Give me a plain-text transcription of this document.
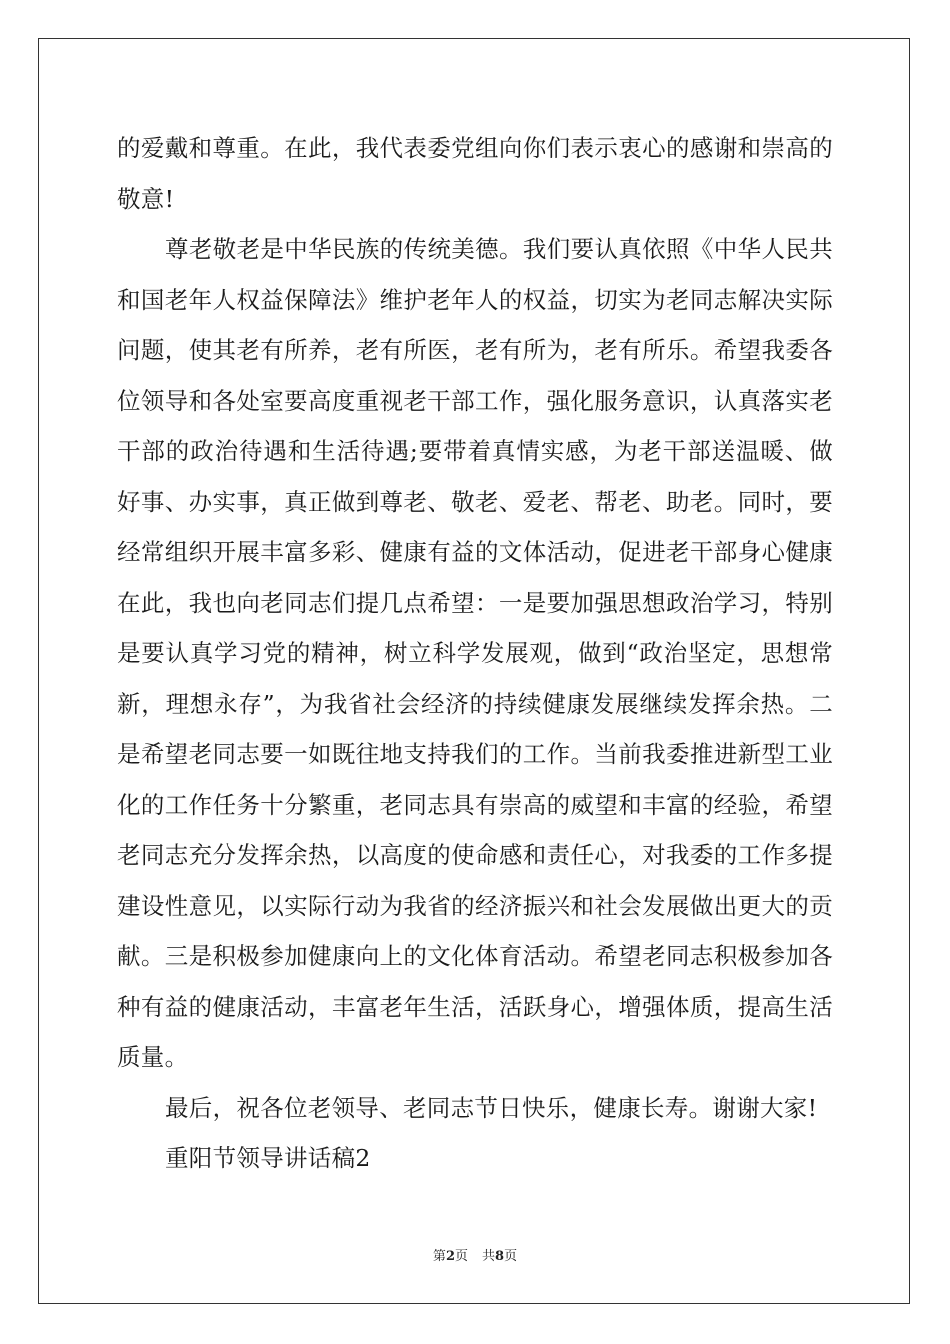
的爱戴和尊重。在此，我代表委党组向你们表示衷心的感谢和崇高的
敬意!
尊老敬老是中华民族的传统美德。我们要认真依照《中华人民共
和国老年人权益保障法》维护老年人的权益，切实为老同志解决实际
问题，使其老有所养，老有所医，老有所为，老有所乐。希望我委各
位领导和各处室要高度重视老干部工作，强化服务意识，认真落实老
干部的政治待遇和生活待遇;要带着真情实感，为老干部送温暖、做
好事、办实事，真正做到尊老、敬老、爱老、帮老、助老。同时，要
经常组织开展丰富多彩、健康有益的文体活动，促进老干部身心健康
在此，我也向老同志们提几点希望：一是要加强思想政治学习，特别
是要认真学习党的精神，树立科学发展观，做到“政治坚定，思想常
新，理想永存”，为我省社会经济的持续健康发展继续发挥余热。二
是希望老同志要一如既往地支持我们的工作。当前我委推进新型工业
化的工作任务十分繁重，老同志具有崇高的威望和丰富的经验，希望
老同志充分发挥余热，以高度的使命感和责任心，对我委的工作多提
建设性意见，以实际行动为我省的经济振兴和社会发展做出更大的贡
献。三是积极参加健康向上的文化体育活动。希望老同志积极参加各
种有益的健康活动，丰富老年生活，活跃身心，增强体质，提高生活
质量。
最后，祝各位老领导、老同志节日快乐，健康长寿。谢谢大家!
重阳节领导讲话稿2
第2页 共8页
